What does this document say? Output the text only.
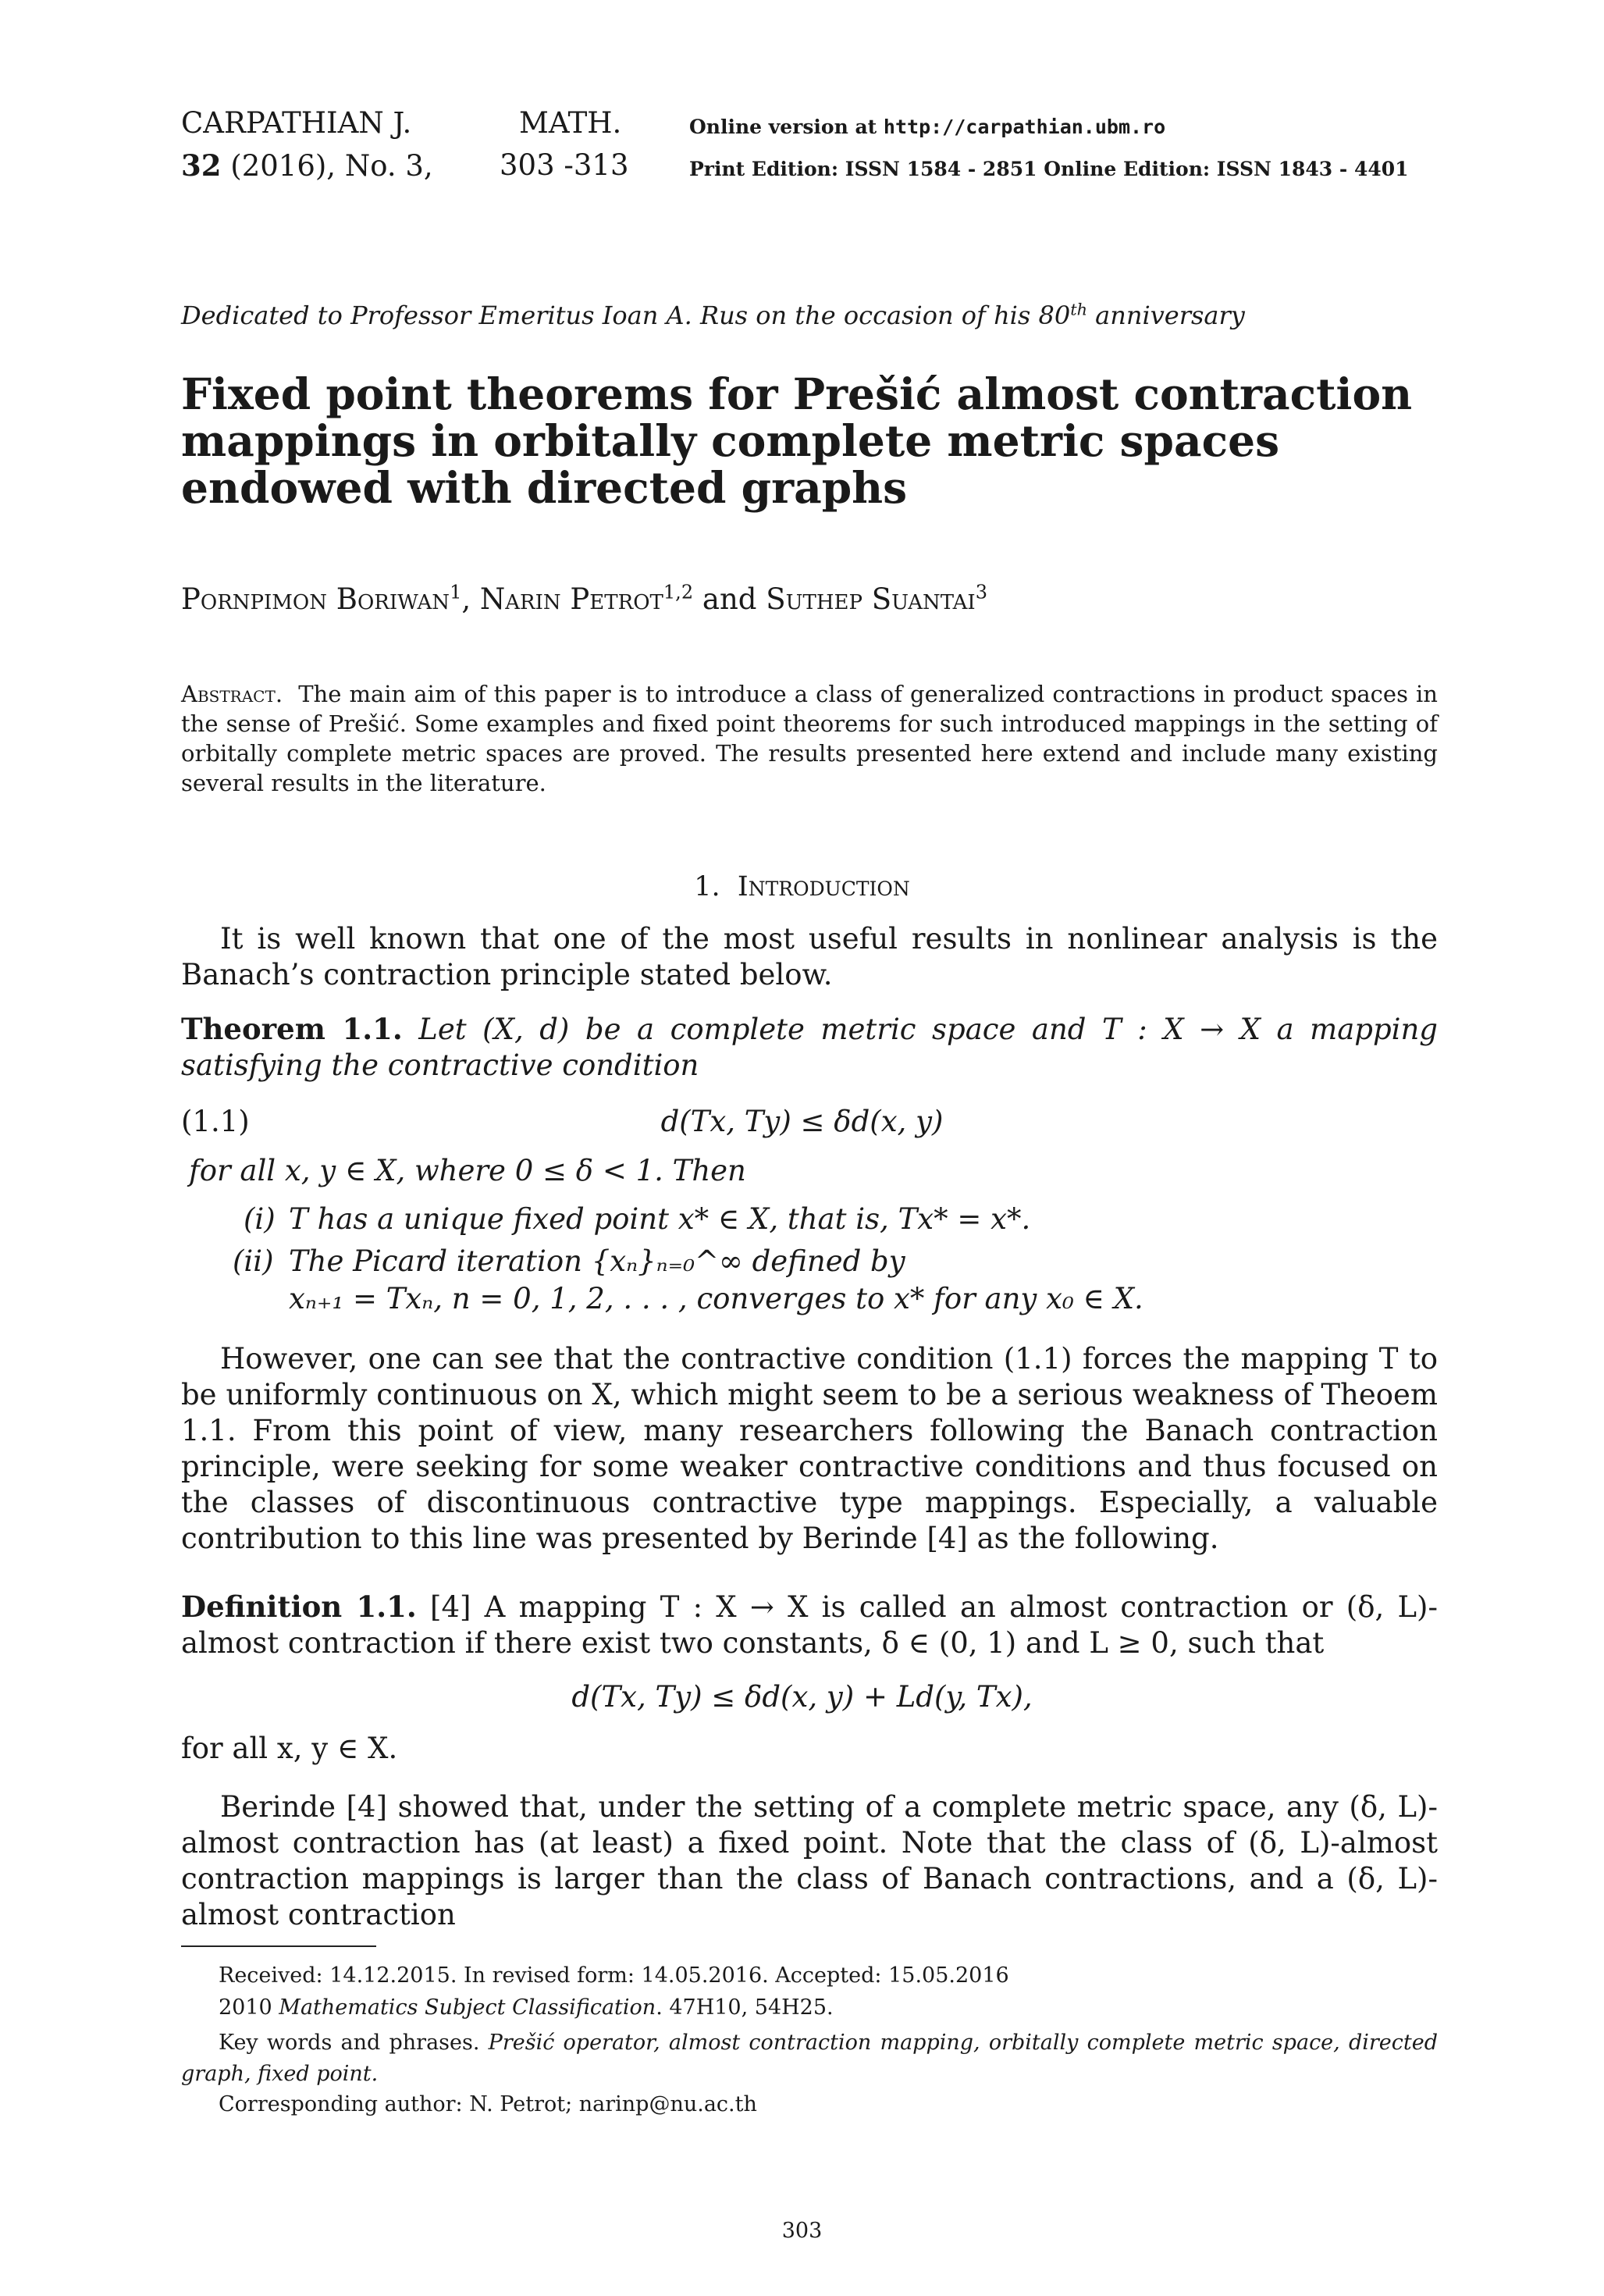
CARPATHIAN J.	MATH.	Online version at http://carpathian.ubm.ro
32 (2016), No. 3, 303 -313	Print Edition: ISSN 1584 - 2851 Online Edition: ISSN 1843 - 4401
Dedicated to Professor Emeritus Ioan A. Rus on the occasion of his 80th anniversary
Fixed point theorems for Prešić almost contraction mappings in orbitally complete metric spaces endowed with directed graphs
Pornpimon Boriwan$^1$, Narin Petrot$^{1,2}$ and Suthep Suantai$^3$
Abstract. The main aim of this paper is to introduce a class of generalized contractions in product spaces in the sense of Prešić. Some examples and fixed point theorems for such introduced mappings in the setting of orbitally complete metric spaces are proved. The results presented here extend and include many existing several results in the literature.
1. Introduction
It is well known that one of the most useful results in nonlinear analysis is the Banach’s contraction principle stated below.
Theorem 1.1. Let (X, d) be a complete metric space and T : X → X a mapping satisfying the contractive condition
(1.1)	d(Tx, Ty) ≤ δd(x, y)
for all x, y ∈ X, where 0 ≤ δ < 1. Then
(i) T has a unique fixed point x* ∈ X, that is, Tx* = x*.
(ii) The Picard iteration {xₙ}ₙ₌₀^∞ defined by
xₙ₊₁ = Txₙ, n = 0, 1, 2, . . . , converges to x* for any x₀ ∈ X.
However, one can see that the contractive condition (1.1) forces the mapping T to be uniformly continuous on X, which might seem to be a serious weakness of Theoem 1.1. From this point of view, many researchers following the Banach contraction principle, were seeking for some weaker contractive conditions and thus focused on the classes of discontinuous contractive type mappings. Especially, a valuable contribution to this line was presented by Berinde [4] as the following.
Definition 1.1. [4] A mapping T : X → X is called an almost contraction or (δ, L)-almost contraction if there exist two constants, δ ∈ (0, 1) and L ≥ 0, such that
d(Tx, Ty) ≤ δd(x, y) + Ld(y, Tx),
for all x, y ∈ X.
Berinde [4] showed that, under the setting of a complete metric space, any (δ, L)-almost contraction has (at least) a fixed point. Note that the class of (δ, L)-almost contraction mappings is larger than the class of Banach contractions, and a (δ, L)-almost contraction
Received: 14.12.2015. In revised form: 14.05.2016. Accepted: 15.05.2016
2010 Mathematics Subject Classification. 47H10, 54H25.
Key words and phrases. Prešić operator, almost contraction mapping, orbitally complete metric space, directed graph, fixed point.
Corresponding author: N. Petrot; narinp@nu.ac.th
303
